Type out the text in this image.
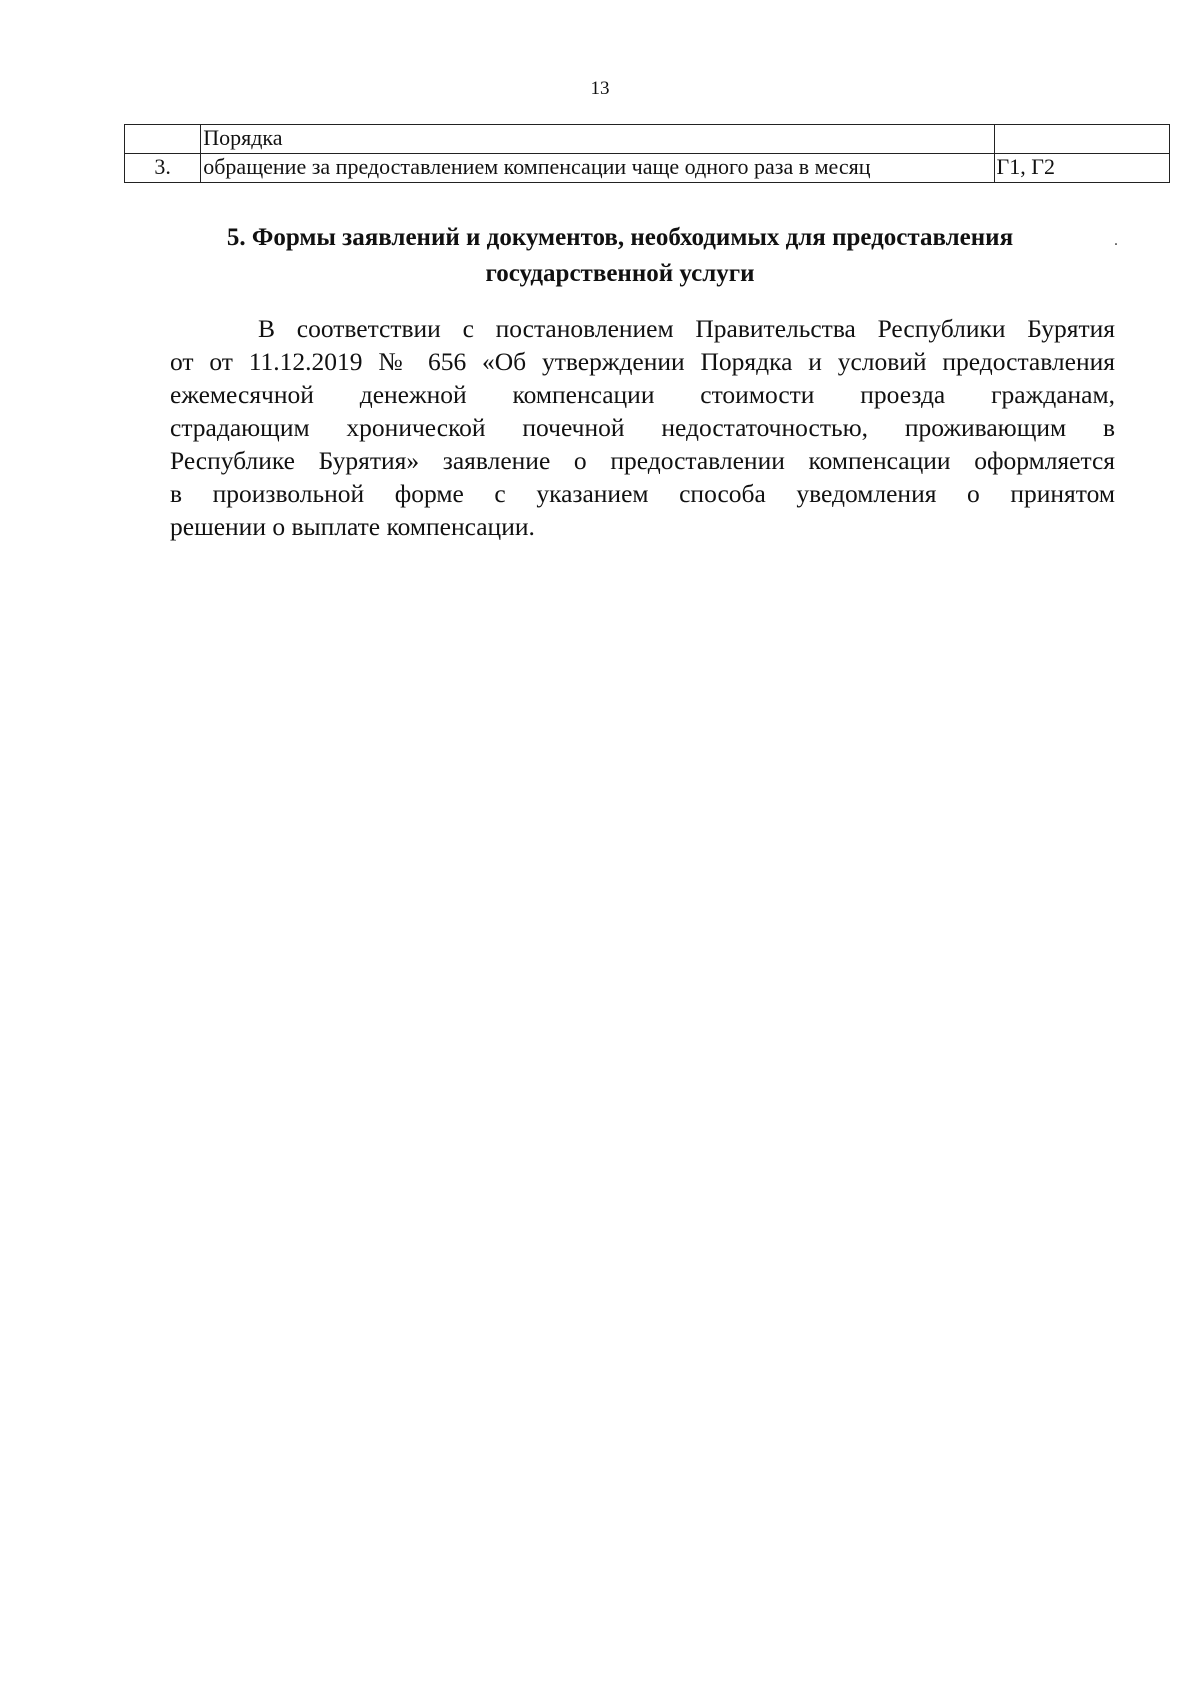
13
	Порядка	
3.	обращение за предоставлением компенсации чаще одного раза в месяц	Г1, Г2
5. Формы заявлений и документов, необходимых для предоставления
государственной услуги
.
В соответствии с постановлением Правительства Республики Бурятия
от от 11.12.2019 № 656 «Об утверждении Порядка и условий предоставления
ежемесячной денежной компенсации стоимости проезда гражданам,
страдающим хронической почечной недостаточностью, проживающим в
Республике Бурятия» заявление о предоставлении компенсации оформляется
в произвольной форме с указанием способа уведомления о принятом
решении о выплате компенсации.
